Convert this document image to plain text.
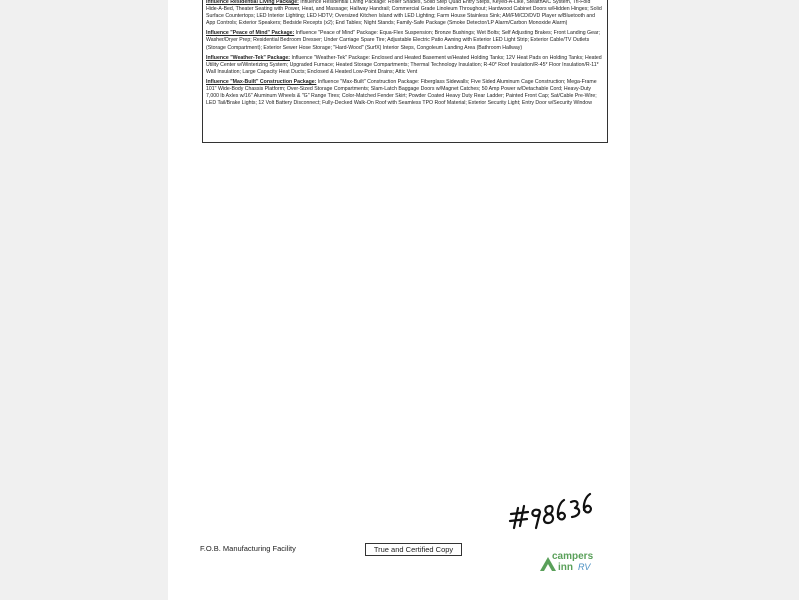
Influence Residential Living Package: Influence Residential Living Package: Roller Shades, Solid Step Quad Entry Steps, Keyed-A-Like, StealthA/C System, Tri-Fold Hide-A-Bed, Theater Seating with Power, Heat, and Massage; Hallway Handrail; Commercial Grade Linoleum Throughout; Hardwood Cabinet Doors w/Hidden Hinges; Solid Surface Countertops; LED Interior Lighting; LED HDTV; Oversized Kitchen Island with LED Lighting; Farm House Stainless Sink; AM/FM/CD/DVD Player w/Bluetooth and App Controls; Exterior Speakers; Bedside Recepts (x2); End Tables; Night Stands; Family-Safe Package (Smoke Detector/LP Alarm/Carbon Monoxide Alarm)

Influence "Peace of Mind" Package: Influence "Peace of Mind" Package: Equa-Flex Suspension; Bronze Bushings; Wet Bolts; Self Adjusting Brakes; Front Landing Gear; Washer/Dryer Prep; Residential Bedroom Dresser; Under Carriage Spare Tire; Adjustable Electric Patio Awning with Exterior LED Light Strip; Exterior Cable/TV Outlets (Storage Compartment); Exterior Sewer Hose Storage; "Hard-Wood" (SurfX) Interior Steps, Congoleum Landing Area (Bathroom Hallway)

Influence "Weather-Tek" Package: Influence "Weather-Tek" Package: Enclosed and Heated Basement w/Heated Holding Tanks; 12V Heat Pads on Holding Tanks; Heated Utility Center w/Winterizing System; Upgraded Furnace; Heated Storage Compartments; Thermal Technology Insulation; R-40* Roof Insulation/R-45* Floor Insulation/R-11* Wall Insulation; Large Capacity Heat Ducts; Enclosed & Heated Low-Point Drains; Attic Vent

Influence "Max-Built" Construction Package: Influence "Max-Built" Construction Package: Fiberglass Sidewalls; Five Sided Aluminum Cage Construction; Mega-Frame 101" Wide-Body Chassis Platform; Over-Sized Storage Compartments; Slam-Latch Baggage Doors w/Magnet Catches; 50 Amp Power w/Detachable Cord; Heavy-Duty 7,000 lb Axles w/16" Aluminum Wheels & "G" Range Tires; Color-Matched Fender Skirt; Powder Coated Heavy Duty Rear Ladder; Painted Front Cap; Sat/Cable Pre-Wire; LED Tail/Brake Lights; 12 Volt Battery Disconnect; Fully-Decked Walk-On Roof with Seamless TPO Roof Material; Exterior Security Light; Entry Door w/Security Window

F.O.B. Manufacturing Facility	True and Certified Copy
campers
inn RV
